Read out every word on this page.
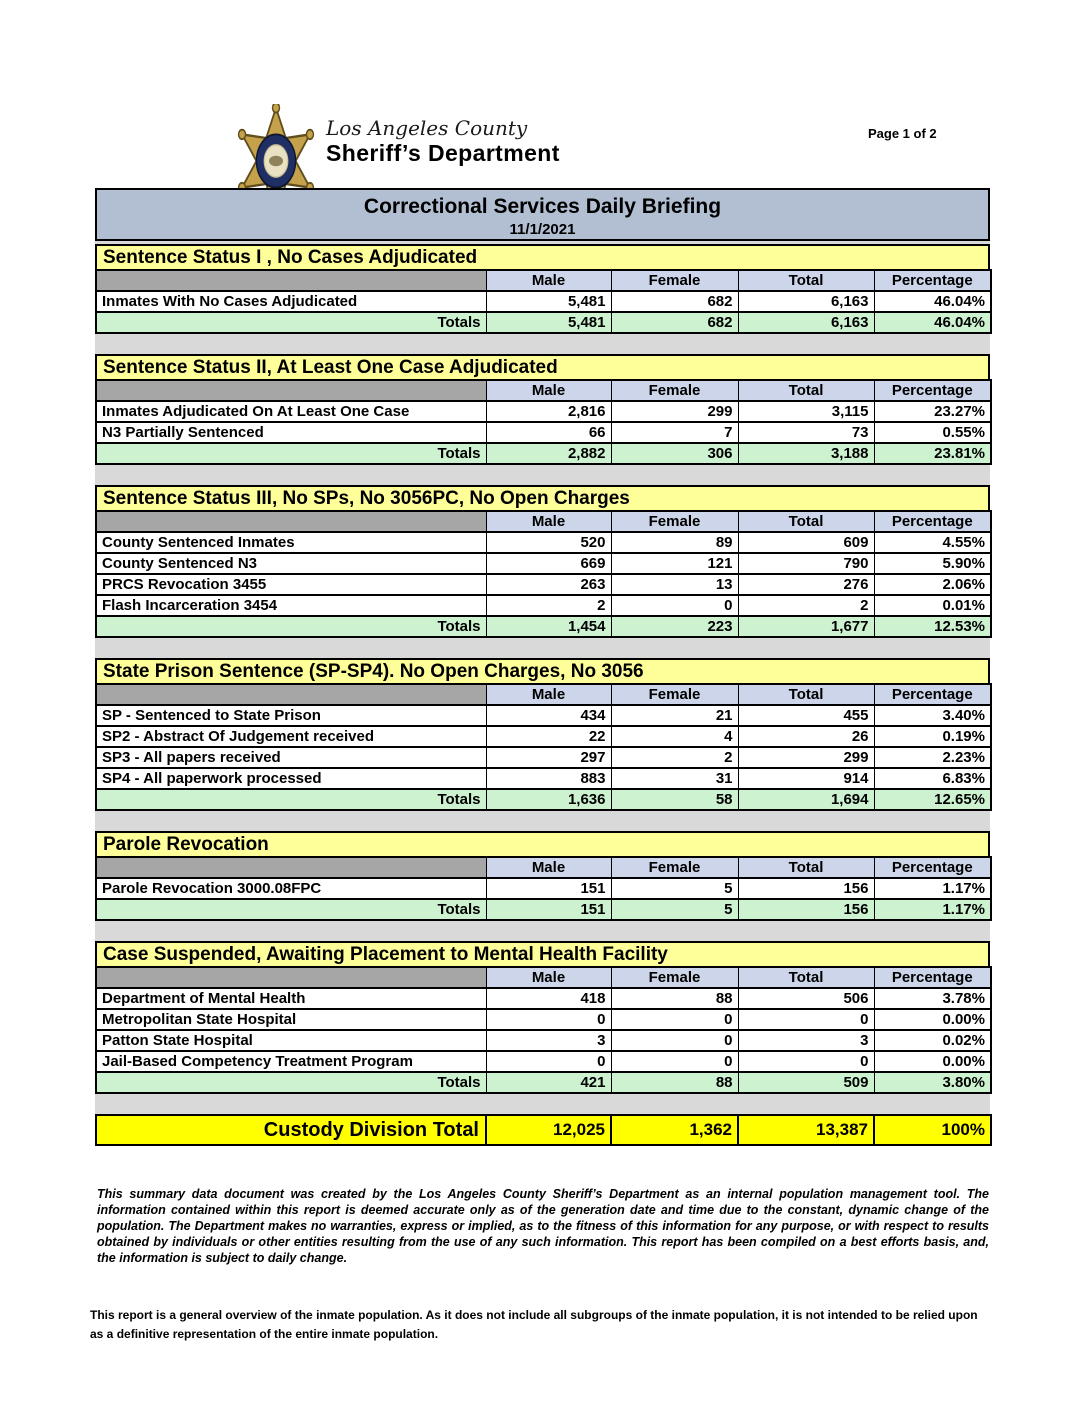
Los Angeles County
Sheriff’s Department
Page 1 of 2
Correctional Services Daily Briefing
11/1/2021
Sentence Status I , No Cases Adjudicated
	Male	Female	Total	Percentage
Inmates With No Cases Adjudicated	5,481	682	6,163	46.04%
Totals	5,481	682	6,163	46.04%
Sentence Status II, At Least One Case Adjudicated
	Male	Female	Total	Percentage
Inmates Adjudicated On At Least One Case	2,816	299	3,115	23.27%
N3 Partially Sentenced	66	7	73	0.55%
Totals	2,882	306	3,188	23.81%
Sentence Status III, No SPs, No 3056PC, No Open Charges
	Male	Female	Total	Percentage
County Sentenced Inmates	520	89	609	4.55%
County Sentenced N3	669	121	790	5.90%
PRCS Revocation 3455	263	13	276	2.06%
Flash Incarceration 3454	2	0	2	0.01%
Totals	1,454	223	1,677	12.53%
State Prison Sentence (SP-SP4). No Open Charges, No 3056
	Male	Female	Total	Percentage
SP - Sentenced to State Prison	434	21	455	3.40%
SP2 - Abstract Of Judgement received	22	4	26	0.19%
SP3 - All papers received	297	2	299	2.23%
SP4 - All paperwork processed	883	31	914	6.83%
Totals	1,636	58	1,694	12.65%
Parole Revocation
	Male	Female	Total	Percentage
Parole Revocation 3000.08FPC	151	5	156	1.17%
Totals	151	5	156	1.17%
Case Suspended, Awaiting Placement to Mental Health Facility
	Male	Female	Total	Percentage
Department of Mental Health	418	88	506	3.78%
Metropolitan State Hospital	0	0	0	0.00%
Patton State Hospital	3	0	3	0.02%
Jail-Based Competency Treatment Program	0	0	0	0.00%
Totals	421	88	509	3.80%
Custody Division Total	12,025	1,362	13,387	100%

This summary data document was created by the Los Angeles County Sheriff’s Department as an internal population management tool. The information contained within this report is deemed accurate only as of the generation date and time due to the constant, dynamic change of the population. The Department makes no warranties, express or implied, as to the fitness of this information for any purpose, or with respect to results obtained by individuals or other entities resulting from the use of any such information. This report has been compiled on a best efforts basis, and, the information is subject to daily change.

This report is a general overview of the inmate population. As it does not include all subgroups of the inmate population, it is not intended to be relied upon as a definitive representation of the entire inmate population.
